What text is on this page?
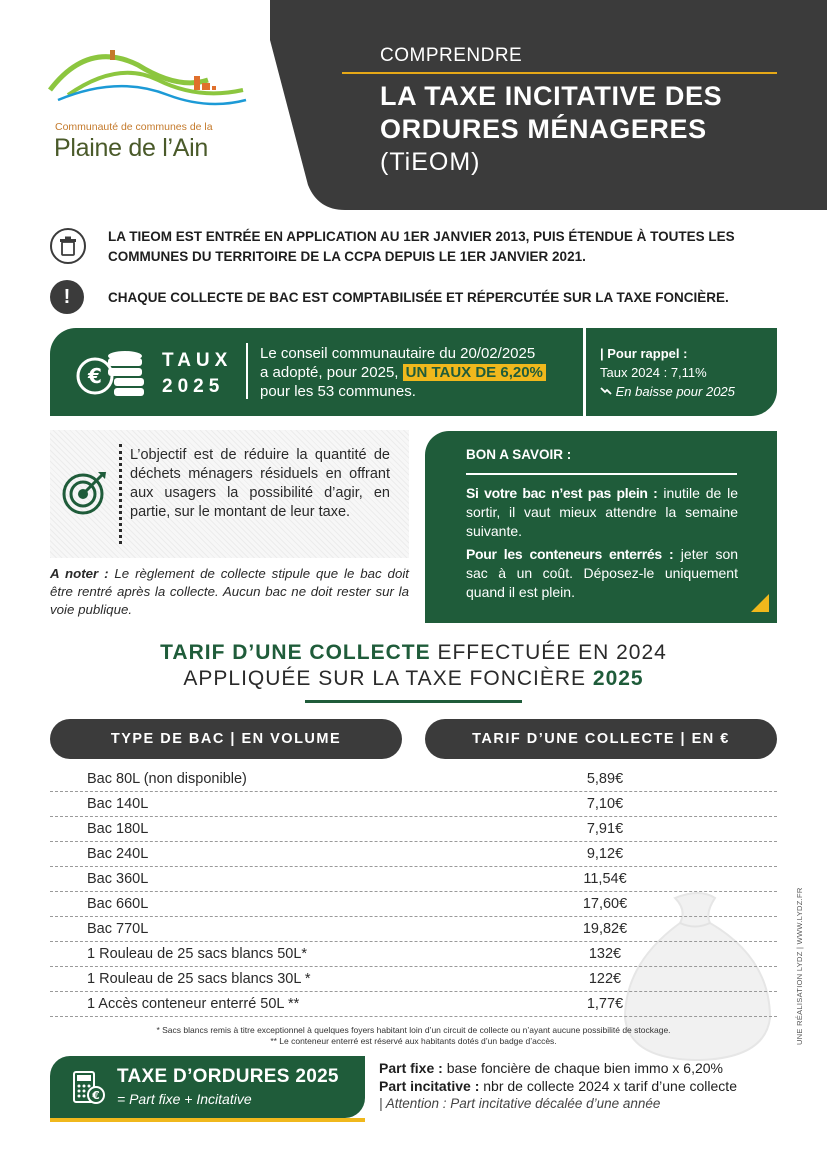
Communauté de communes de la
Plaine de l’Ain
COMPRENDRE
LA TAXE INCITATIVE DES
ORDURES MÉNAGERES
(TiEOM)
LA TIEOM EST ENTRÉE EN APPLICATION AU 1ER JANVIER 2013, PUIS ÉTENDUE À TOUTES LES
COMMUNES DU TERRITOIRE DE LA CCPA DEPUIS LE 1ER JANVIER 2021.
!	CHAQUE COLLECTE DE BAC EST COMPTABILISÉE ET RÉPERCUTÉE SUR LA TAXE FONCIÈRE.
€
TAUX
2025
Le conseil communautaire du 20/02/2025
a adopté, pour 2025, UN TAUX DE 6,20%
pour les 53 communes.
| Pour rappel :
Taux 2024 : 7,11%
En baisse pour 2025
L’objectif est de réduire la quantité de déchets ménagers résiduels en offrant aux usagers la possibilité d’agir, en partie, sur le montant de leur taxe.
A noter : Le règlement de collecte stipule que le bac doit être rentré après la collecte. Aucun bac ne doit rester sur la voie publique.
BON A SAVOIR :
Si votre bac n’est pas plein : inutile de le sortir, il vaut mieux attendre la semaine suivante.
Pour les conteneurs enterrés : jeter son sac à un coût. Déposez-le uniquement quand il est plein.
TARIF D’UNE COLLECTE EFFECTUÉE EN 2024
APPLIQUÉE SUR LA TAXE FONCIÈRE 2025
TYPE DE BAC | EN VOLUME	TARIF D’UNE COLLECTE | EN €
Bac 80L (non disponible)	5,89€
Bac 140L	7,10€
Bac 180L	7,91€
Bac 240L	9,12€
Bac 360L	11,54€
Bac 660L	17,60€
Bac 770L	19,82€
1 Rouleau de 25 sacs blancs 50L*	132€
1 Rouleau de 25 sacs blancs 30L *	122€
1 Accès conteneur enterré 50L **	1,77€
* Sacs blancs remis à titre exceptionnel à quelques foyers habitant loin d’un circuit de collecte ou n’ayant aucune possibilité de stockage.
** Le conteneur enterré est réservé aux habitants dotés d’un badge d’accès.
€
TAXE D’ORDURES 2025
= Part fixe + Incitative
Part fixe : base foncière de chaque bien immo x 6,20%
Part incitative : nbr de collecte 2024 x tarif d’une collecte
| Attention : Part incitative décalée d’une année
UNE RÉALISATION LYDZ | WWW.LYDZ.FR
